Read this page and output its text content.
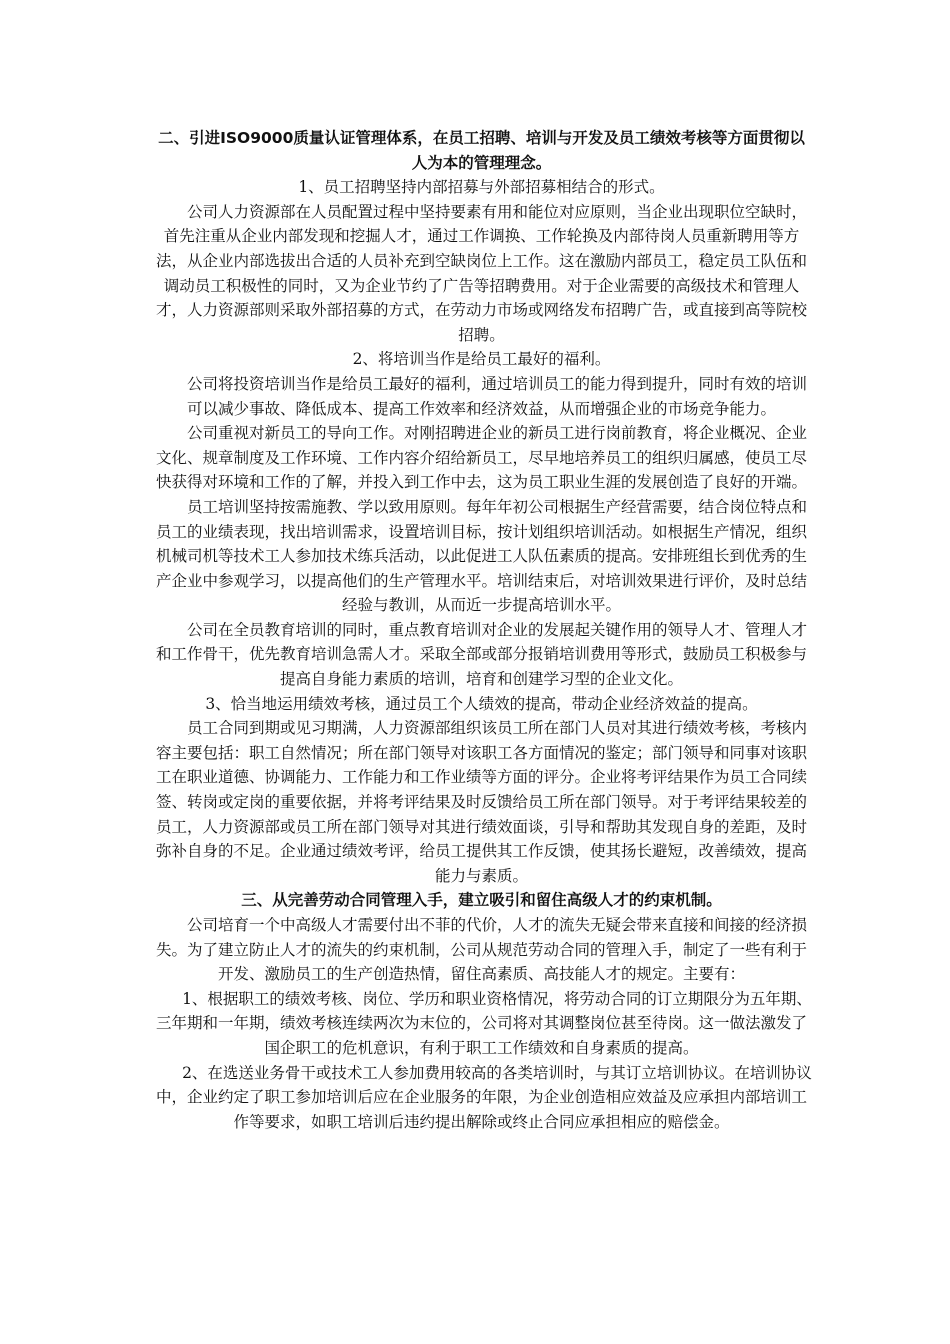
二、引进ISO9000质量认证管理体系，在员工招聘、培训与开发及员工绩效考核等方面贯彻以人为本的管理理念。

1、员工招聘坚持内部招募与外部招募相结合的形式。

公司人力资源部在人员配置过程中坚持要素有用和能位对应原则，当企业出现职位空缺时，首先注重从企业内部发现和挖掘人才，通过工作调换、工作轮换及内部待岗人员重新聘用等方法，从企业内部选拔出合适的人员补充到空缺岗位上工作。这在激励内部员工，稳定员工队伍和调动员工积极性的同时，又为企业节约了广告等招聘费用。对于企业需要的高级技术和管理人才，人力资源部则采取外部招募的方式，在劳动力市场或网络发布招聘广告，或直接到高等院校招聘。

2、将培训当作是给员工最好的福利。

公司将投资培训当作是给员工最好的福利，通过培训员工的能力得到提升，同时有效的培训可以减少事故、降低成本、提高工作效率和经济效益，从而增强企业的市场竞争能力。

公司重视对新员工的导向工作。对刚招聘进企业的新员工进行岗前教育，将企业概况、企业文化、规章制度及工作环境、工作内容介绍给新员工，尽早地培养员工的组织归属感，使员工尽快获得对环境和工作的了解，并投入到工作中去，这为员工职业生涯的发展创造了良好的开端。

员工培训坚持按需施教、学以致用原则。每年年初公司根据生产经营需要，结合岗位特点和员工的业绩表现，找出培训需求，设置培训目标，按计划组织培训活动。如根据生产情况，组织机械司机等技术工人参加技术练兵活动，以此促进工人队伍素质的提高。安排班组长到优秀的生产企业中参观学习，以提高他们的生产管理水平。培训结束后，对培训效果进行评价，及时总结经验与教训，从而近一步提高培训水平。

公司在全员教育培训的同时，重点教育培训对企业的发展起关键作用的领导人才、管理人才和工作骨干，优先教育培训急需人才。采取全部或部分报销培训费用等形式，鼓励员工积极参与提高自身能力素质的培训，培育和创建学习型的企业文化。

3、恰当地运用绩效考核，通过员工个人绩效的提高，带动企业经济效益的提高。

员工合同到期或见习期满，人力资源部组织该员工所在部门人员对其进行绩效考核，考核内容主要包括：职工自然情况；所在部门领导对该职工各方面情况的鉴定；部门领导和同事对该职工在职业道德、协调能力、工作能力和工作业绩等方面的评分。企业将考评结果作为员工合同续签、转岗或定岗的重要依据，并将考评结果及时反馈给员工所在部门领导。对于考评结果较差的员工，人力资源部或员工所在部门领导对其进行绩效面谈，引导和帮助其发现自身的差距，及时弥补自身的不足。企业通过绩效考评，给员工提供其工作反馈，使其扬长避短，改善绩效，提高能力与素质。

三、从完善劳动合同管理入手，建立吸引和留住高级人才的约束机制。

公司培育一个中高级人才需要付出不菲的代价，人才的流失无疑会带来直接和间接的经济损失。为了建立防止人才的流失的约束机制，公司从规范劳动合同的管理入手，制定了一些有利于开发、激励员工的生产创造热情，留住高素质、高技能人才的规定。主要有：

1、根据职工的绩效考核、岗位、学历和职业资格情况，将劳动合同的订立期限分为五年期、三年期和一年期，绩效考核连续两次为末位的，公司将对其调整岗位甚至待岗。这一做法激发了国企职工的危机意识，有利于职工工作绩效和自身素质的提高。

2、在选送业务骨干或技术工人参加费用较高的各类培训时，与其订立培训协议。在培训协议中，企业约定了职工参加培训后应在企业服务的年限，为企业创造相应效益及应承担内部培训工作等要求，如职工培训后违约提出解除或终止合同应承担相应的赔偿金。
